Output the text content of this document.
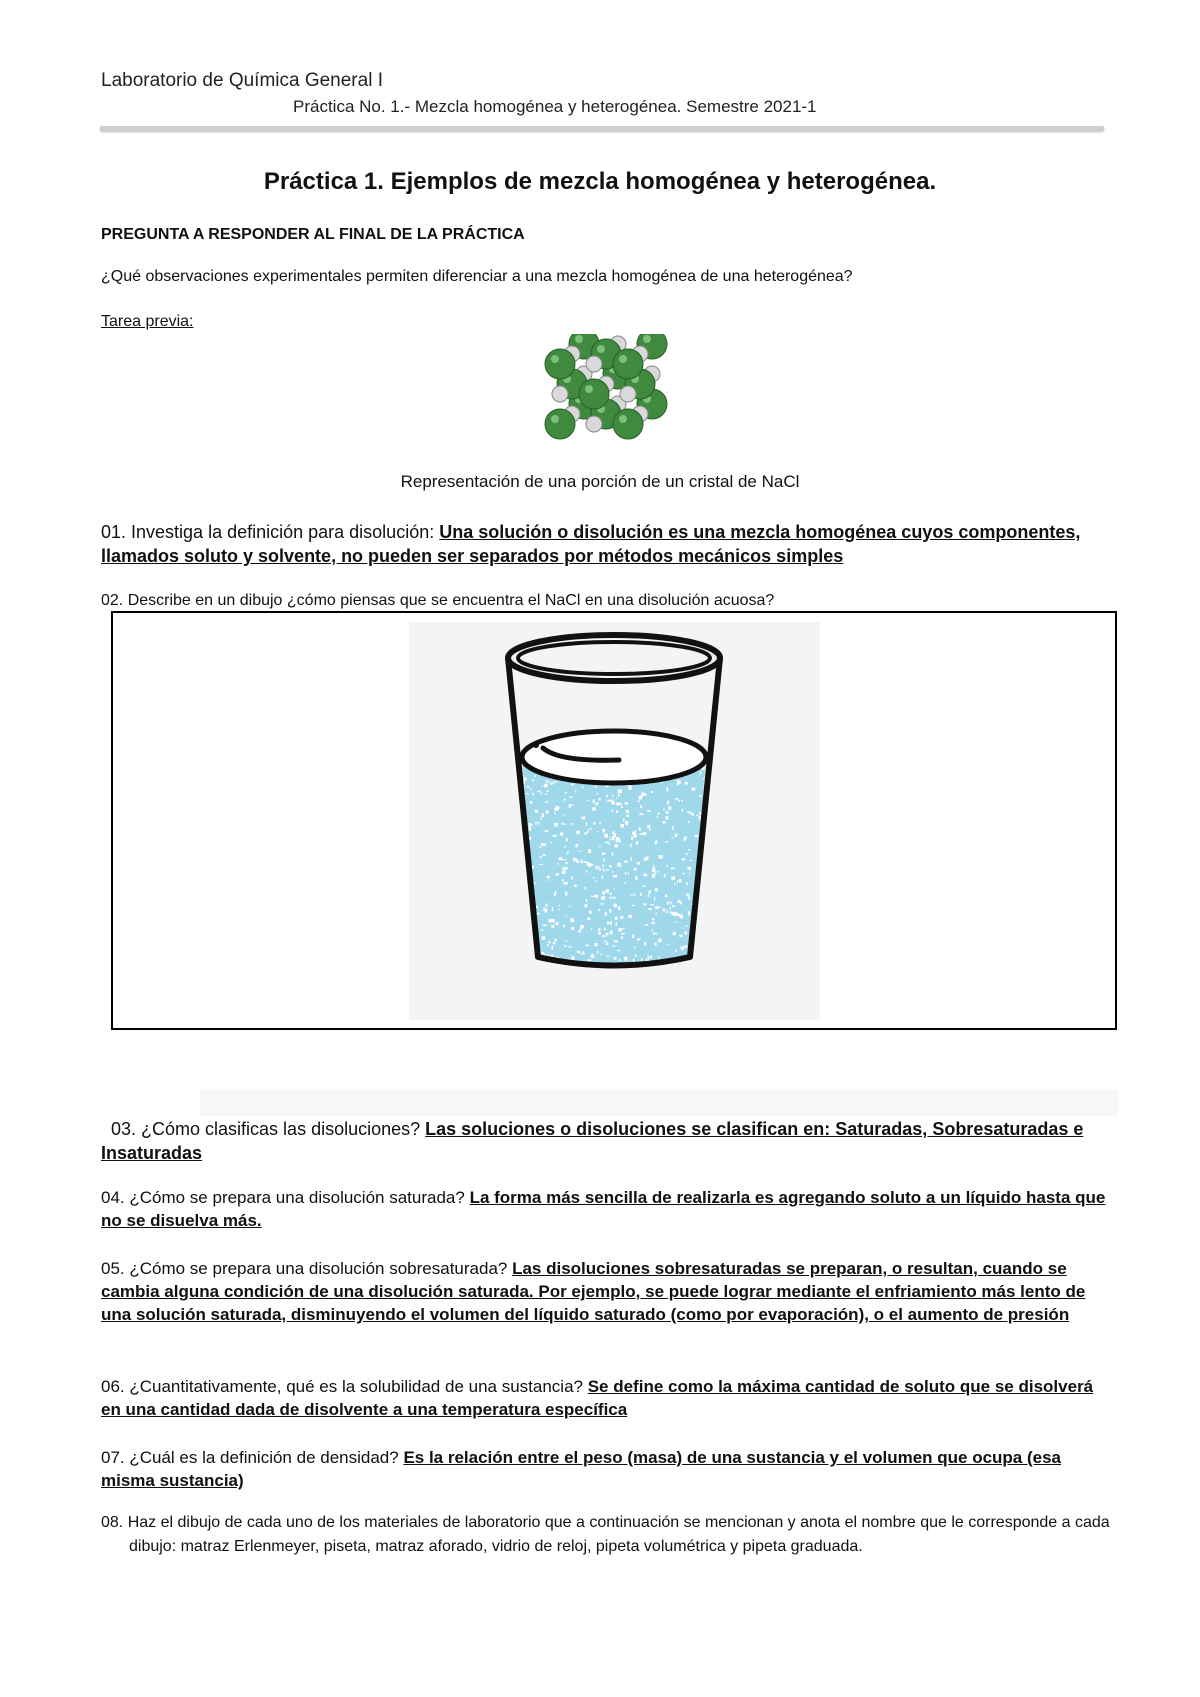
Laboratorio de Química General I
Práctica No. 1.- Mezcla homogénea y heterogénea. Semestre 2021-1
Práctica 1. Ejemplos de mezcla homogénea y heterogénea.
PREGUNTA A RESPONDER AL FINAL DE LA PRÁCTICA
¿Qué observaciones experimentales permiten diferenciar a una mezcla homogénea de una heterogénea?
Tarea previa:
Representación de una porción de un cristal de NaCl
01. Investiga la definición para disolución: Una solución o disolución es una mezcla homogénea cuyos componentes, llamados soluto y solvente, no pueden ser separados por métodos mecánicos simples
02. Describe en un dibujo ¿cómo piensas que se encuentra el NaCl en una disolución acuosa?
03. ¿Cómo clasificas las disoluciones? Las soluciones o disoluciones se clasifican en: Saturadas, Sobresaturadas e Insaturadas
04. ¿Cómo se prepara una disolución saturada? La forma más sencilla de realizarla es agregando soluto a un líquido hasta que no se disuelva más.
05. ¿Cómo se prepara una disolución sobresaturada? Las disoluciones sobresaturadas se preparan, o resultan, cuando se cambia alguna condición de una disolución saturada. Por ejemplo, se puede lograr mediante el enfriamiento más lento de una solución saturada, disminuyendo el volumen del líquido saturado (como por evaporación), o el aumento de presión
06. ¿Cuantitativamente, qué es la solubilidad de una sustancia? Se define como la máxima cantidad de soluto que se disolverá en una cantidad dada de disolvente a una temperatura específica
07. ¿Cuál es la definición de densidad? Es la relación entre el peso (masa) de una sustancia y el volumen que ocupa (esa misma sustancia)
08. Haz el dibujo de cada uno de los materiales de laboratorio que a continuación se mencionan y anota el nombre que le corresponde a cada dibujo: matraz Erlenmeyer, piseta, matraz aforado, vidrio de reloj, pipeta volumétrica y pipeta graduada.
